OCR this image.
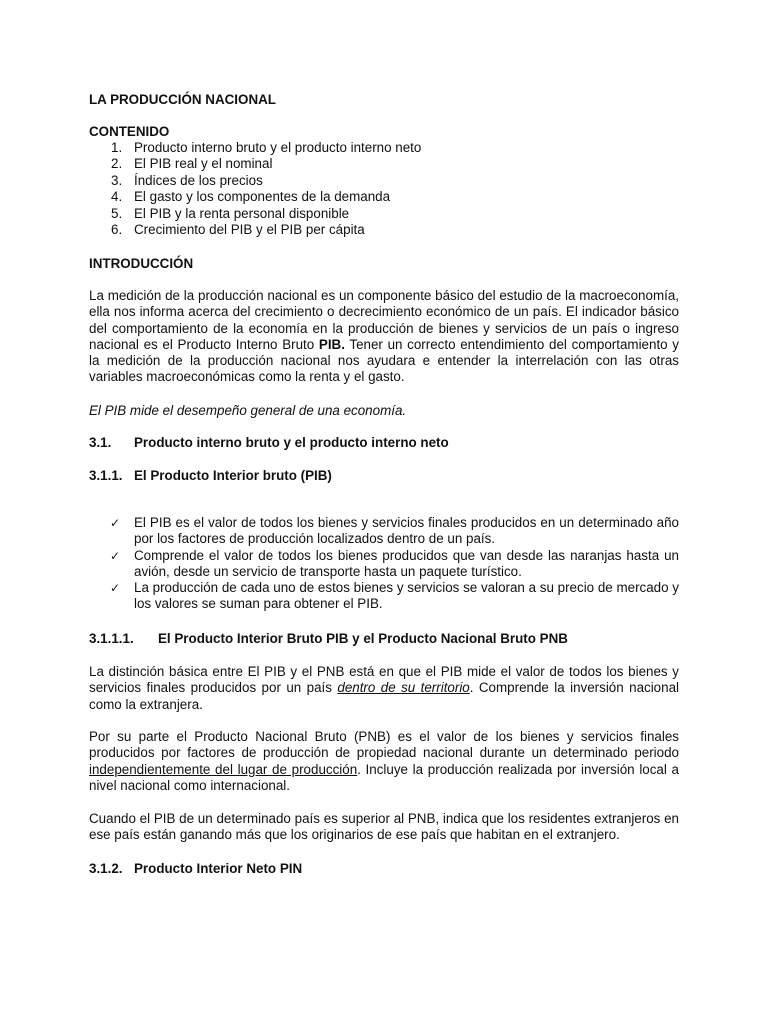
LA PRODUCCIÓN NACIONAL

CONTENIDO

1. Producto interno bruto y el producto interno neto
2. El PIB real y el nominal
3. Índices de los precios
4. El gasto y los componentes de la demanda
5. El PIB y la renta personal disponible
6. Crecimiento del PIB y el PIB per cápita

INTRODUCCIÓN

La medición de la producción nacional es un componente básico del estudio de la macroeconomía, ella nos informa acerca del crecimiento o decrecimiento económico de un país. El indicador básico del comportamiento de la economía en la producción de bienes y servicios de un país o ingreso nacional es el Producto Interno Bruto PIB. Tener un correcto entendimiento del comportamiento y la medición de la producción nacional nos ayudara e entender la interrelación con las otras variables macroeconómicas como la renta y el gasto.

El PIB mide el desempeño general de una economía.

3.1. Producto interno bruto y el producto interno neto

3.1.1. El Producto Interior bruto (PIB)

✓ El PIB es el valor de todos los bienes y servicios finales producidos en un determinado año por los factores de producción localizados dentro de un país.
✓ Comprende el valor de todos los bienes producidos que van desde las naranjas hasta un avión, desde un servicio de transporte hasta un paquete turístico.
✓ La producción de cada uno de estos bienes y servicios se valoran a su precio de mercado y los valores se suman para obtener el PIB.

3.1.1.1. El Producto Interior Bruto PIB y el Producto Nacional Bruto PNB

La distinción básica entre El PIB y el PNB está en que el PIB mide el valor de todos los bienes y servicios finales producidos por un país dentro de su territorio. Comprende la inversión nacional como la extranjera.

Por su parte el Producto Nacional Bruto (PNB) es el valor de los bienes y servicios finales producidos por factores de producción de propiedad nacional durante un determinado periodo independientemente del lugar de producción. Incluye la producción realizada por inversión local a nivel nacional como internacional.

Cuando el PIB de un determinado país es superior al PNB, indica que los residentes extranjeros en ese país están ganando más que los originarios de ese país que habitan en el extranjero.

3.1.2. Producto Interior Neto PIN
